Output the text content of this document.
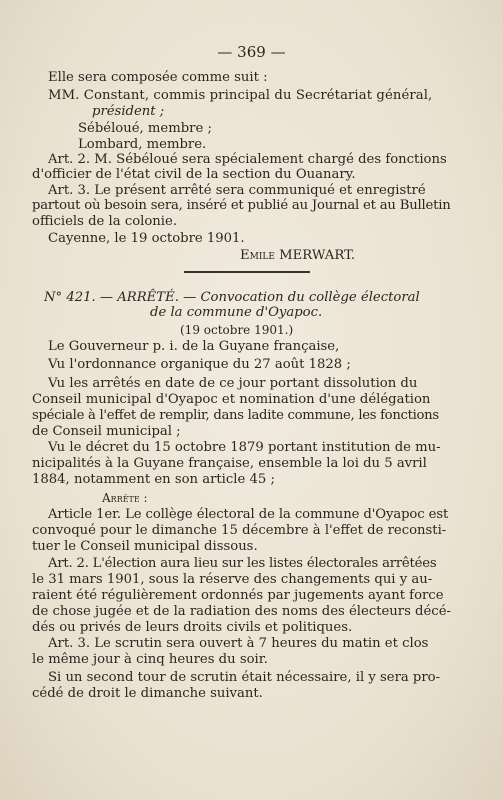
— 369 —
Elle sera composée comme suit :
MM. Constant, commis principal du Secrétariat général,
président ;
Sébéloué, membre ;
Lombard, membre.
Art. 2. M. Sébéloué sera spécialement chargé des fonctions
d'officier de l'état civil de la section du Ouanary.
Art. 3. Le présent arrêté sera communiqué et enregistré
partout où besoin sera, inséré et publié au Journal et au Bulletin
officiels de la colonie.
Cayenne, le 19 octobre 1901.
Emile MERWART.
N° 421. — ARRÊTÉ. — Convocation du collège électoral
de la commune d'Oyapoc.
(19 octobre 1901.)
Le Gouverneur p. i. de la Guyane française,
Vu l'ordonnance organique du 27 août 1828 ;
Vu les arrêtés en date de ce jour portant dissolution du
Conseil municipal d'Oyapoc et nomination d'une délégation
spéciale à l'effet de remplir, dans ladite commune, les fonctions
de Conseil municipal ;
Vu le décret du 15 octobre 1879 portant institution de mu-
nicipalités à la Guyane française, ensemble la loi du 5 avril
1884, notamment en son article 45 ;
Arrête :
Article 1er. Le collège électoral de la commune d'Oyapoc est
convoqué pour le dimanche 15 décembre à l'effet de reconsti-
tuer le Conseil municipal dissous.
Art. 2. L'élection aura lieu sur les listes électorales arrêtées
le 31 mars 1901, sous la réserve des changements qui y au-
raient été régulièrement ordonnés par jugements ayant force
de chose jugée et de la radiation des noms des électeurs décé-
dés ou privés de leurs droits civils et politiques.
Art. 3. Le scrutin sera ouvert à 7 heures du matin et clos
le même jour à cinq heures du soir.
Si un second tour de scrutin était nécessaire, il y sera pro-
cédé de droit le dimanche suivant.
